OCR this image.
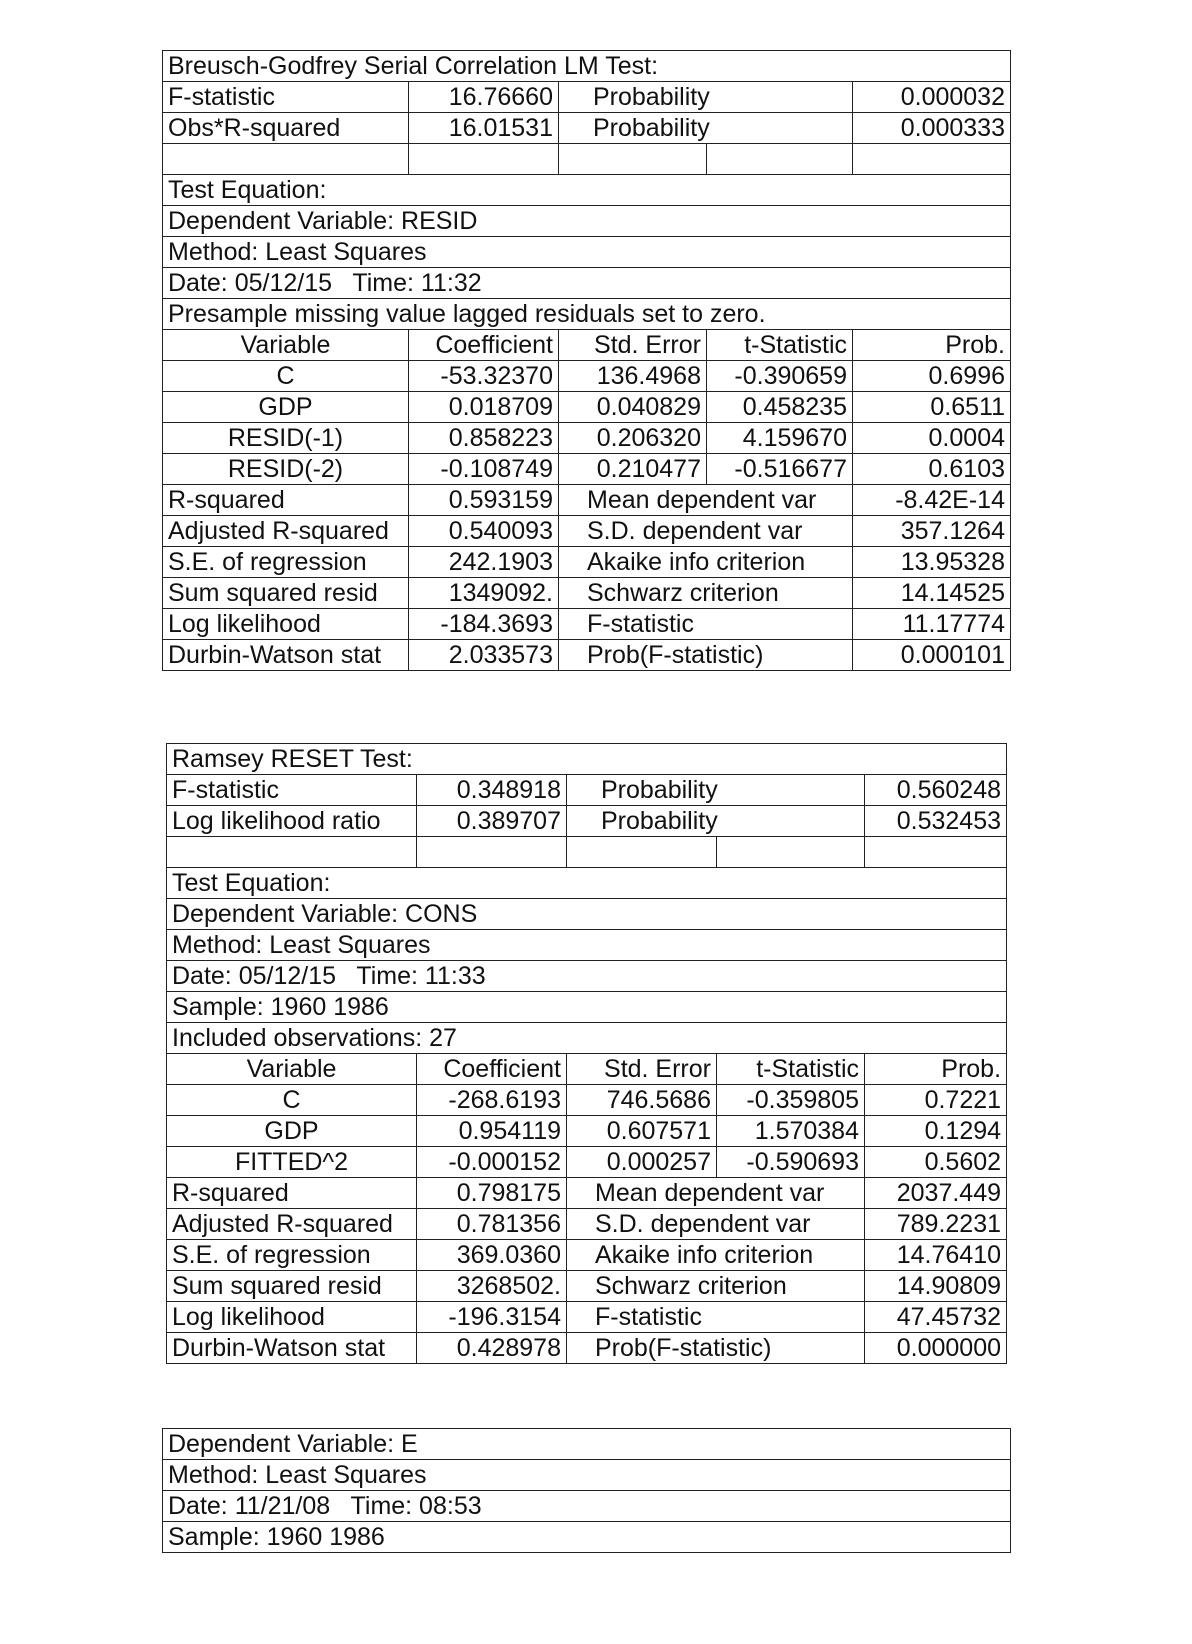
Breusch-Godfrey Serial Correlation LM Test:				
F-statistic	16.76660	Probability		0.000032
Obs*R-squared	16.01531	Probability		0.000333

Test Equation:				
Dependent Variable: RESID				
Method: Least Squares				
Date: 05/12/15   Time: 11:32				
Presample missing value lagged residuals set to zero.				
Variable	Coefficient	Std. Error	t-Statistic	Prob.
C	-53.32370	136.4968	-0.390659	0.6996
GDP	0.018709	0.040829	0.458235	0.6511
RESID(-1)	0.858223	0.206320	4.159670	0.0004
RESID(-2)	-0.108749	0.210477	-0.516677	0.6103
R-squared	0.593159	Mean dependent var		-8.42E-14
Adjusted R-squared	0.540093	S.D. dependent var		357.1264
S.E. of regression	242.1903	Akaike info criterion		13.95328
Sum squared resid	1349092.	Schwarz criterion		14.14525
Log likelihood	-184.3693	F-statistic		11.17774
Durbin-Watson stat	2.033573	Prob(F-statistic)		0.000101
Ramsey RESET Test:				
F-statistic	0.348918	Probability		0.560248
Log likelihood ratio	0.389707	Probability		0.532453

Test Equation:				
Dependent Variable: CONS				
Method: Least Squares				
Date: 05/12/15   Time: 11:33				
Sample: 1960 1986				
Included observations: 27				
Variable	Coefficient	Std. Error	t-Statistic	Prob.
C	-268.6193	746.5686	-0.359805	0.7221
GDP	0.954119	0.607571	1.570384	0.1294
FITTED^2	-0.000152	0.000257	-0.590693	0.5602
R-squared	0.798175	Mean dependent var		2037.449
Adjusted R-squared	0.781356	S.D. dependent var		789.2231
S.E. of regression	369.0360	Akaike info criterion		14.76410
Sum squared resid	3268502.	Schwarz criterion		14.90809
Log likelihood	-196.3154	F-statistic		47.45732
Durbin-Watson stat	0.428978	Prob(F-statistic)		0.000000
Dependent Variable: E
Method: Least Squares
Date: 11/21/08   Time: 08:53
Sample: 1960 1986
